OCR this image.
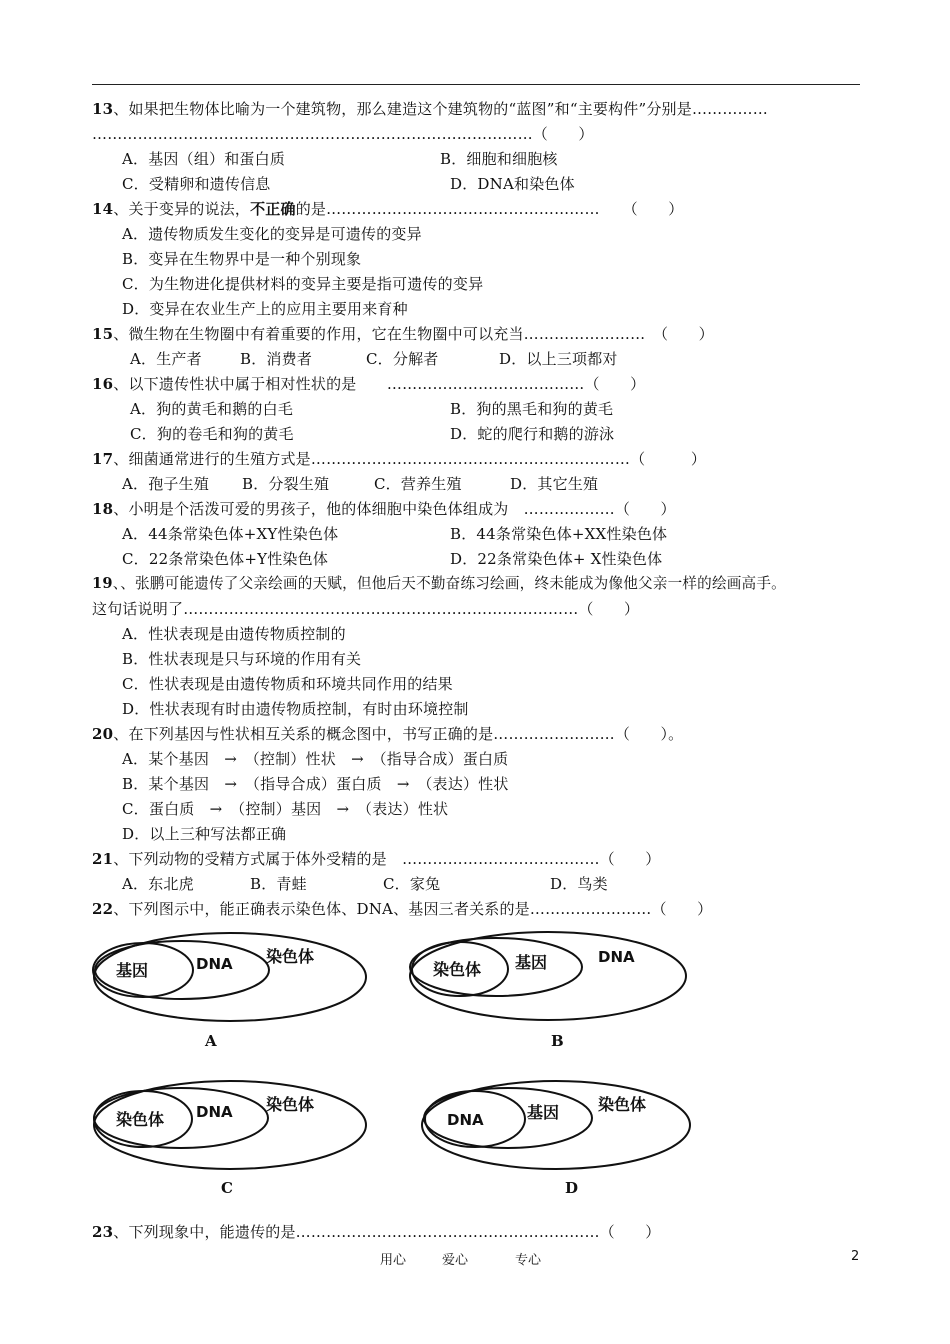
13、如果把生物体比喻为一个建筑物，那么建造这个建筑物的“蓝图”和“主要构件”分别是……………
……………………………………………………………………………（　　）
A．基因（组）和蛋白质	B．细胞和细胞核
C．受精卵和遗传信息	D．DNA和染色体
14、关于变异的说法，不正确的是………………………………………………　　（　　）
A．遗传物质发生变化的变异是可遗传的变异
B．变异在生物界中是一种个别现象
C．为生物进化提供材料的变异主要是指可遗传的变异
D．变异在农业生产上的应用主要用来育种
15、微生物在生物圈中有着重要的作用，它在生物圈中可以充当……………………　（　　）
A．生产者	B．消费者	C．分解者	D．以上三项都对
16、以下遗传性状中属于相对性状的是　　…………………………………（　　）
A．狗的黄毛和鹅的白毛	B．狗的黑毛和狗的黄毛
C．狗的卷毛和狗的黄毛	D．蛇的爬行和鹅的游泳
17、细菌通常进行的生殖方式是………………………………………………………（　　　）
A．孢子生殖 B．分裂生殖	C．营养生殖	D．其它生殖
18、小明是个活泼可爱的男孩子，他的体细胞中染色体组成为　………………（　　）
A．44条常染色体+XY性染色体	B．44条常染色体+XX性染色体
C．22条常染色体+Y性染色体	D．22条常染色体+ X性染色体
19、、张鹏可能遗传了父亲绘画的天赋，但他后天不勤奋练习绘画，终未能成为像他父亲一样的绘画高手。
这句话说明了……………………………………………………………………（　　）
A．性状表现是由遗传物质控制的
B．性状表现是只与环境的作用有关
C．性状表现是由遗传物质和环境共同作用的结果
D．性状表现有时由遗传物质控制，有时由环境控制
20、在下列基因与性状相互关系的概念图中，书写正确的是……………………（　　）。
A．某个基因　→　（控制）性状　→　（指导合成）蛋白质
B．某个基因　→　（指导合成）蛋白质　→　（表达）性状
C．蛋白质　→　（控制）基因　→　（表达）性状
D．以上三种写法都正确
21、下列动物的受精方式属于体外受精的是　…………………………………（　　）
A．东北虎	B．青蛙	C．家兔	D．鸟类
22、下列图示中，能正确表示染色体、DNA、基因三者关系的是……………………（　　）
基因	DNA 染色体
A
染色体 基因	DNA
B
染色体 DNA 染色体
C
DNA	基因 染色体
D
23、下列现象中，能遗传的是……………………………………………………（　　）
用心	爱心	专心	2
